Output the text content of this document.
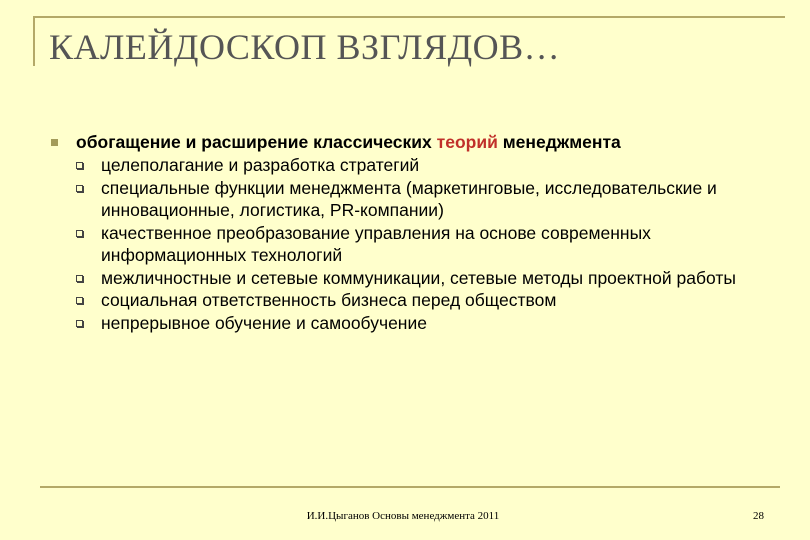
КАЛЕЙДОСКОП ВЗГЛЯДОВ…

обогащение и расширение классических теорий менеджмента

целеполагание и разработка стратегий
специальные функции менеджмента (маркетинговые, исследовательские и инновационные, логистика, PR-компании)
качественное преобразование управления на основе современных информационных технологий
межличностные и сетевые коммуникации, сетевые методы проектной работы
социальная ответственность бизнеса перед обществом
непрерывное обучение и самообучение
И.И.Цыганов Основы менеджмента 2011	28
